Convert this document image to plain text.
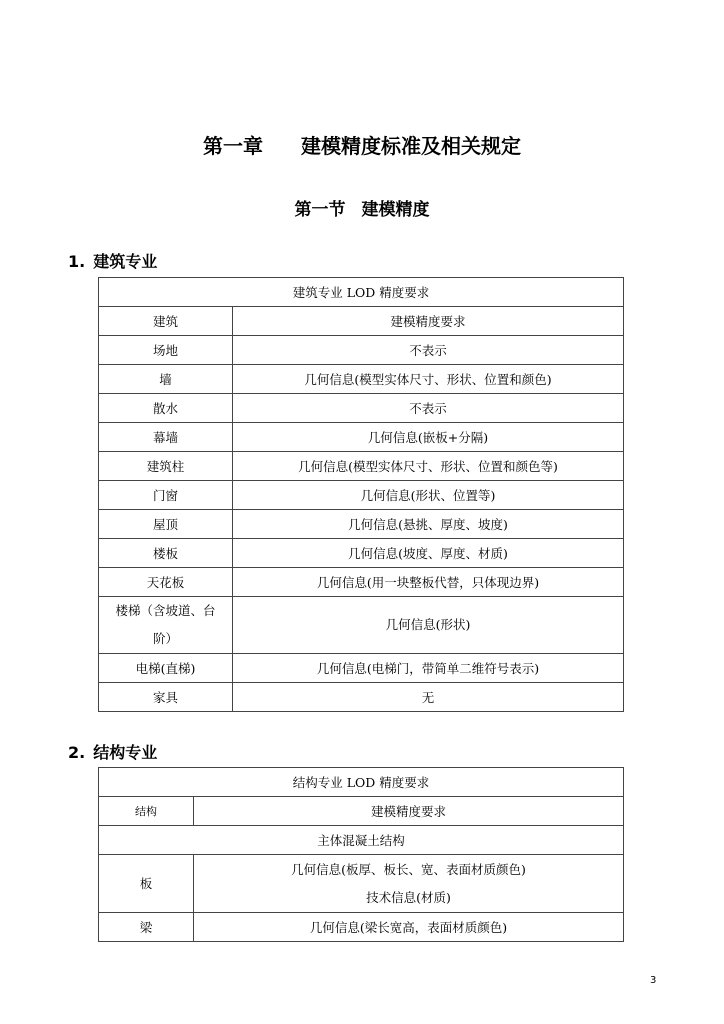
第一章 建模精度标准及相关规定
第一节 建模精度
1. 建筑专业
建筑专业 LOD 精度要求	
建筑	建模精度要求
场地	不表示
墙	几何信息(模型实体尺寸、形状、位置和颜色)
散水	不表示
幕墙	几何信息(嵌板+分隔)
建筑柱	几何信息(模型实体尺寸、形状、位置和颜色等)
门窗	几何信息(形状、位置等)
屋顶	几何信息(悬挑、厚度、坡度)
楼板	几何信息(坡度、厚度、材质)
天花板	几何信息(用一块整板代替，只体现边界)

楼梯（含坡道、台
阶）	几何信息(形状)
电梯(直梯)	几何信息(电梯门，带简单二维符号表示)
家具	无
2. 结构专业
结构专业 LOD 精度要求	
结构	建模精度要求
主体混凝土结构	
板	几何信息(板厚、板长、宽、表面材质颜色)
技术信息(材质)

梁	几何信息(梁长宽高，表面材质颜色)
3
